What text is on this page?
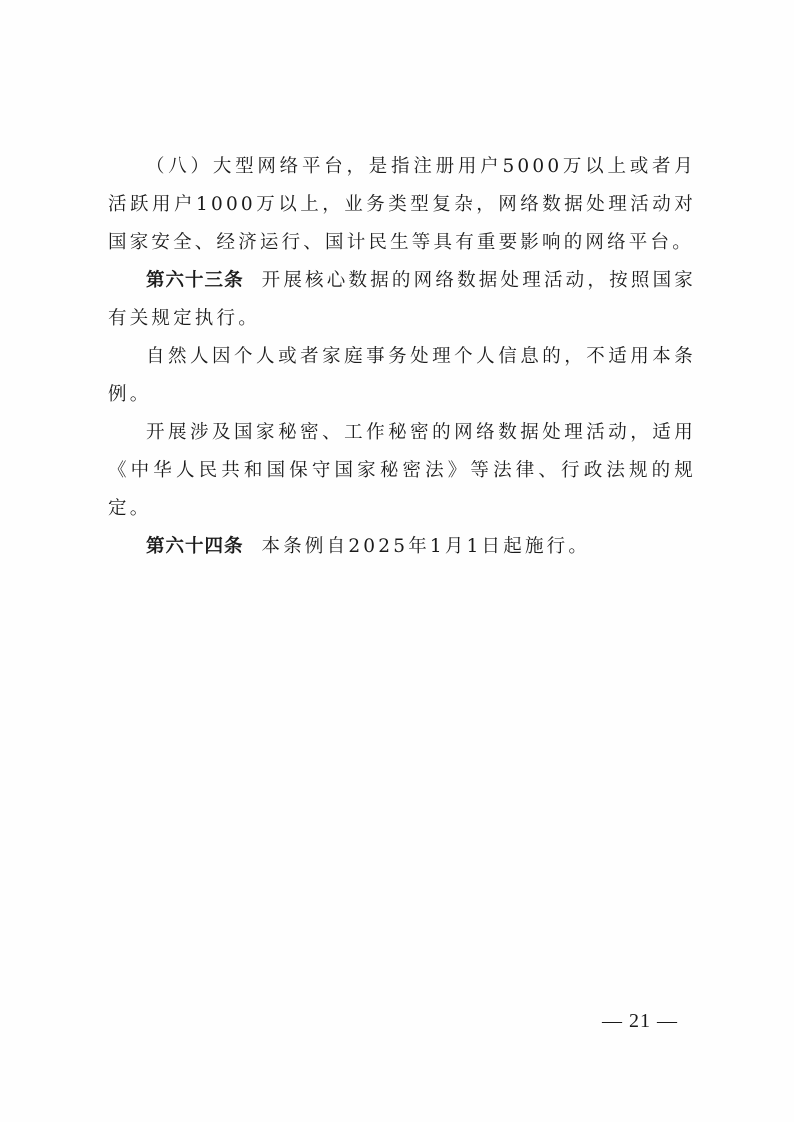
（八）大型网络平台，是指注册用户5000万以上或者月活跃用户1000万以上，业务类型复杂，网络数据处理活动对国家安全、经济运行、国计民生等具有重要影响的网络平台。

第六十三条 开展核心数据的网络数据处理活动，按照国家有关规定执行。

自然人因个人或者家庭事务处理个人信息的，不适用本条例。

开展涉及国家秘密、工作秘密的网络数据处理活动，适用《中华人民共和国保守国家秘密法》等法律、行政法规的规定。

第六十四条 本条例自2025年1月1日起施行。

— 21 —
